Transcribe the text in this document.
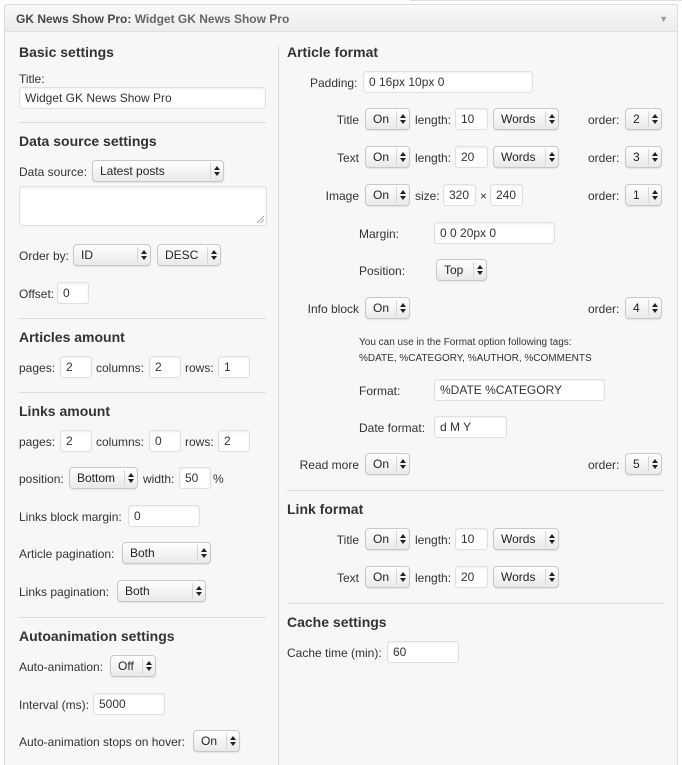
GK News Show Pro: Widget GK News Show Pro	▼
Basic settings
Title:
Widget GK News Show Pro
Data source settings
Data source:	Latest posts
Order by: ID	DESC
Offset: 0
Articles amount
pages: 2	columns: 2	rows: 1
Links amount
pages: 2	columns: 0	rows: 2
position:	Bottom	width: 50	%
Links block margin:	0
Article pagination:	Both
Links pagination:	Both
Autoanimation settings
Auto-animation:	Off
Interval (ms): 5000
Auto-animation stops on hover:	On
Article format
Padding: 0 16px 10px 0
Title	On	length: 10	Words	order:	2
Text	On	length: 20	Words	order:	3
Image	On	size: 320 × 240	order:	1
Margin:	0 0 20px 0
Position:	Top
Info block	On	order:	4
You can use in the Format option following tags:
%DATE, %CATEGORY, %AUTHOR, %COMMENTS
Format:	%DATE %CATEGORY
Date format:	d M Y
Read more	On	order:	5
Link format
Title	On	length: 10	Words
Text	On	length: 20	Words
Cache settings
Cache time (min): 60
